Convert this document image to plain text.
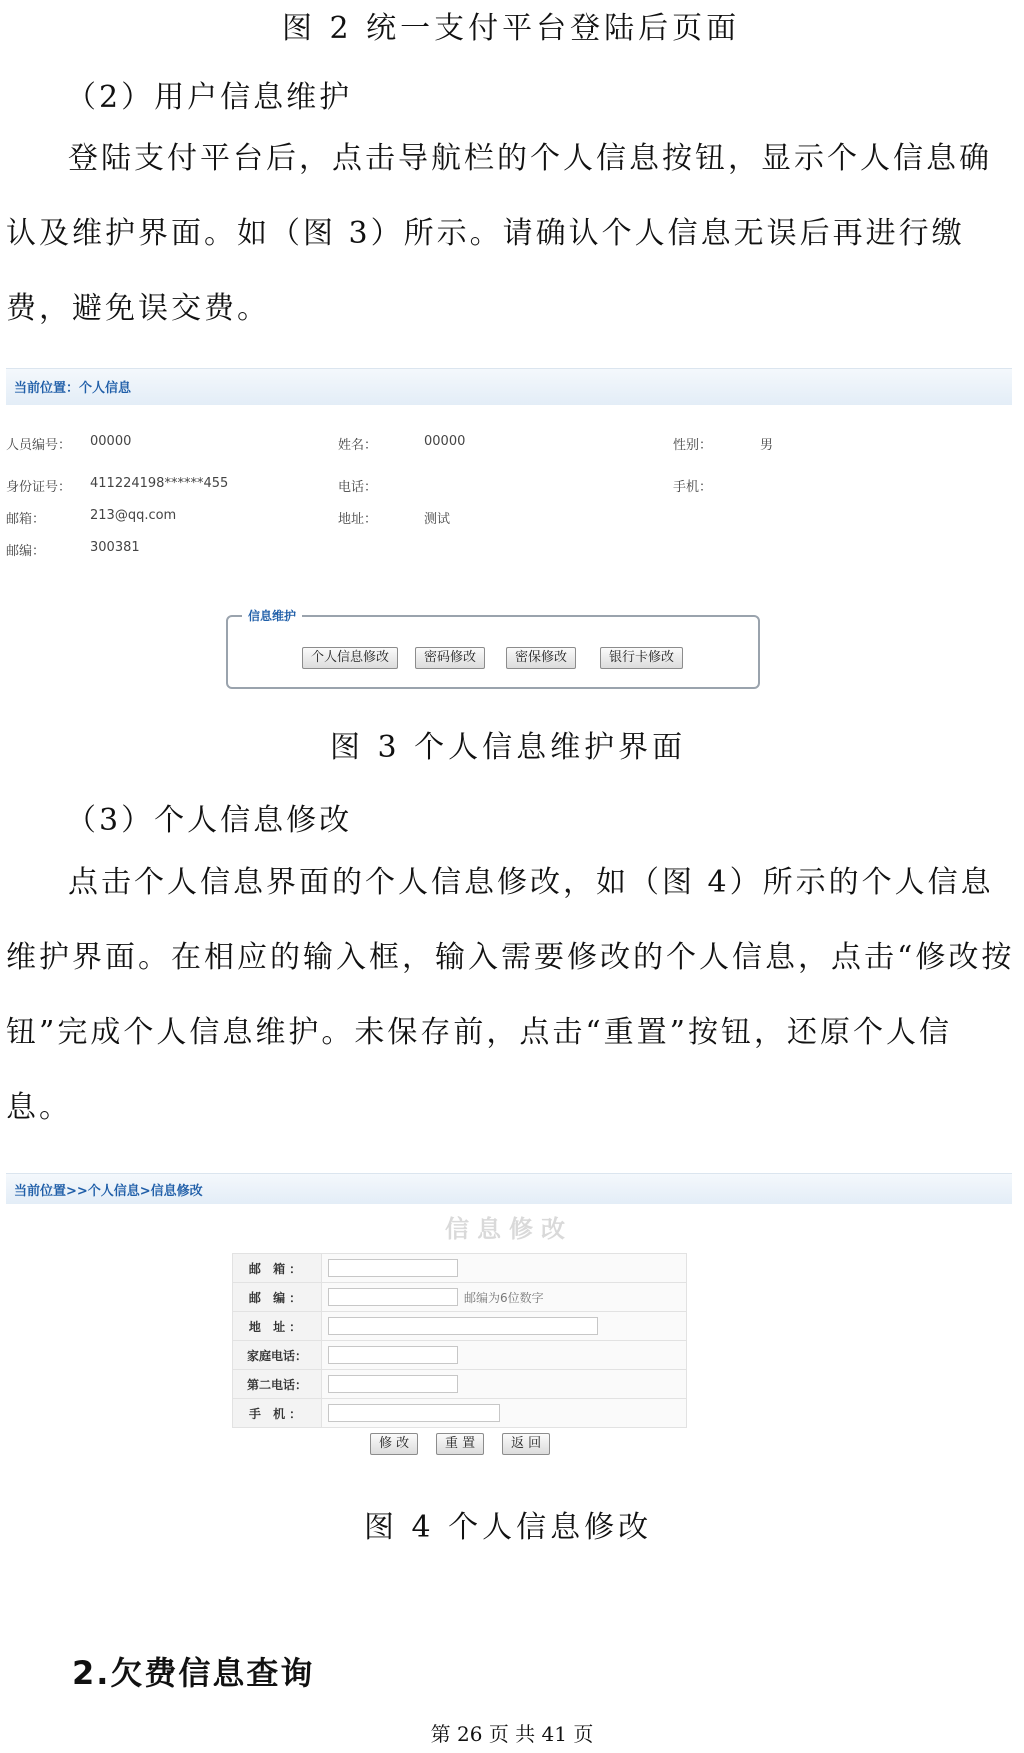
图 2 统一支付平台登陆后页面
（2）用户信息维护
登陆支付平台后，点击导航栏的个人信息按钮，显示个人信息确认及维护界面。如（图 3）所示。请确认个人信息无误后再进行缴费，避免误交费。
当前位置：个人信息
人员编号： 00000	姓名：	00000	性别：	男
身份证号： 411224198******455	电话：	手机：
邮箱：	213@qq.com	地址：	测试
邮编：	300381
信息维护
个人信息修改	密码修改	密保修改	银行卡修改
图 3 个人信息维护界面
（3）个人信息修改
点击个人信息界面的个人信息修改，如（图 4）所示的个人信息维护界面。在相应的输入框，输入需要修改的个人信息，点击“修改按钮”完成个人信息维护。未保存前，点击“重置”按钮，还原个人信息。
当前位置>>个人信息>信息修改
信息修改
邮 箱：	
邮 编：	邮编为6位数字
地 址：	
家庭电话：	
第二电话：	
手 机：	
修 改	重 置	返 回
图 4 个人信息修改
2.欠费信息查询
第 26 页 共 41 页
